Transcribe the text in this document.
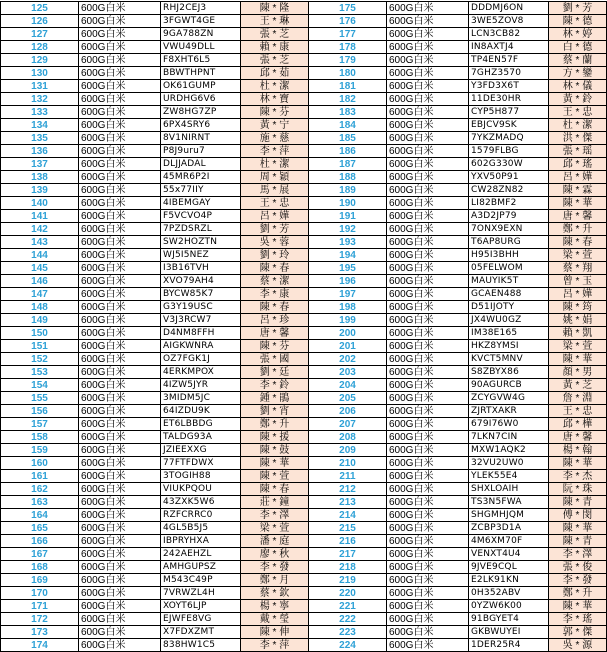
125	600G白米	RHJ2CEJ3	陳 * 隆	175	600G白米	DDDMJ6ON	劉 * 芳
126	600G白米	3FGWT4GE	王 * 琳	176	600G白米	3WE5ZOV8	陳 * 德
127	600G白米	9GA788ZN	張 * 芝	177	600G白米	LCN3CB82	林 * 婷
128	600G白米	VWU49DLL	賴 * 康	178	600G白米	IN8AXTJ4	白 * 德
129	600G白米	F8XHT6L5	張 * 芝	179	600G白米	TP4EN57F	蔡 * 蘭
130	600G白米	BBWTHPNT	邱 * 茹	180	600G白米	7GHZ3570	方 * 鑾
131	600G白米	OK61GUMP	杜 * 潔	181	600G白米	Y3FD3X6T	林 * 儀
132	600G白米	URDHG6V6	林 * 寶	182	600G白米	11DE30HR	黃 * 鈴
133	600G白米	ZW8HG7ZP	陳 * 芬	183	600G白米	CYP5H877	王 * 忠
134	600G白米	6PX4SRY6	黃 * 宁	184	600G白米	EBJCV9SK	杜 * 潔
135	600G白米	8V1NIRNT	施 * 慈	185	600G白米	7YKZMADQ	洪 * 傑
136	600G白米	P8J9uru7	李 * 萍	186	600G白米	1579FLBG	張 * 瑶
137	600G白米	DLJJADAL	杜 * 潔	187	600G白米	602G330W	邱 * 瑤
138	600G白米	45MR6P2I	周 * 穎	188	600G白米	YXV50P91	呂 * 嬅
139	600G白米	55x77IIY	馬 * 展	189	600G白米	CW28ZN82	陳 * 霖
140	600G白米	4IBEMGAY	王 * 忠	190	600G白米	LI82BMF2	陳 * 華
141	600G白米	F5VCVO4P	呂 * 嬅	191	600G白米	A3D2JP79	唐 * 馨
142	600G白米	7PZDSRZL	劉 * 芳	192	600G白米	7ONX9EXN	鄭 * 升
143	600G白米	SW2HOZTN	吳 * 蓉	193	600G白米	T6AP8URG	陳 * 春
144	600G白米	WJ5I5NEZ	劉 * 玲	194	600G白米	H95I3BHH	梁 * 萱
145	600G白米	I3B16TVH	陳 * 春	195	600G白米	05FELWOM	蔡 * 翔
146	600G白米	XVO79AH4	蔡 * 潔	196	600G白米	MAUYIK5T	曾 * 玉
147	600G白米	BYCW85K7	李 * 康	197	600G白米	GCAEN488	呂 * 嬅
148	600G白米	G3Y19USC	陳 * 春	198	600G白米	D51IJOTY	陳 * 筠
149	600G白米	V3J3RCW7	呂 * 珍	199	600G白米	JX4WU0GZ	姚 * 娟
150	600G白米	D4NM8FFH	唐 * 馨	200	600G白米	IM38E165	賴 * 凱
151	600G白米	AIGKWNRA	陳 * 芬	201	600G白米	HKZ8YMSI	梁 * 萱
152	600G白米	OZ7FGK1J	張 * 國	202	600G白米	KVCT5MNV	陳 * 華
153	600G白米	4ERKMPOX	劉 * 廷	203	600G白米	S8ZBYX86	顏 * 男
154	600G白米	4IZW5JYR	李 * 鈴	204	600G白米	90AGURCB	黃 * 芝
155	600G白米	3MIDM5JC	鍾 * 鵑	205	600G白米	ZCYGVW4G	詹 * 淵
156	600G白米	64IZDU9K	劉 * 宵	206	600G白米	ZJRTXAKR	王 * 忠
157	600G白米	ET6LBBDG	鄭 * 升	207	600G白米	679I76W0	邱 * 樺
158	600G白米	TALDG93A	陳 * 援	208	600G白米	7LKN7CIN	唐 * 馨
159	600G白米	JZIEEXXG	陳 * 鼓	209	600G白米	MXW1AQK2	楊 * 翰
160	600G白米	77FTFDWX	陳 * 華	210	600G白米	32VU2UW0	陳 * 華
161	600G白米	3TOGIH88	陳 * 萱	211	600G白米	YLEK55E4	李 * 杰
162	600G白米	VIUKPQOU	陳 * 春	212	600G白米	SHXLOAIH	阮 * 珠
163	600G白米	43ZXK5W6	莊 * 鐘	213	600G白米	TS3N5FWA	陳 * 青
164	600G白米	RZFCRRC0	李 * 澤	214	600G白米	SHGMHJQM	傅 * 閔
165	600G白米	4GL5B5J5	梁 * 萱	215	600G白米	ZCBP3D1A	陳 * 華
166	600G白米	IBPRYHXA	潘 * 庭	216	600G白米	4M6XM70F	陳 * 青
167	600G白米	242AEHZL	廖 * 秋	217	600G白米	VENXT4U4	李 * 澤
168	600G白米	AMHGUPSZ	李 * 發	218	600G白米	9JVE9CQL	張 * 俊
169	600G白米	M543C49P	鄭 * 月	219	600G白米	E2LK91KN	李 * 發
170	600G白米	7VRWZL4H	蔡 * 欽	220	600G白米	0H352ABV	鄭 * 升
171	600G白米	XOYT6LJP	楊 * 寧	221	600G白米	0YZW6K00	陳 * 華
172	600G白米	EJWFE8VG	戴 * 瑩	222	600G白米	91BGYET4	李 * 瑤
173	600G白米	X7FDXZMT	陳 * 伸	223	600G白米	GKBWUYEI	郭 * 傑
174	600G白米	838HW1C5	李 * 萍	224	600G白米	1DER25R4	吳 * 源
